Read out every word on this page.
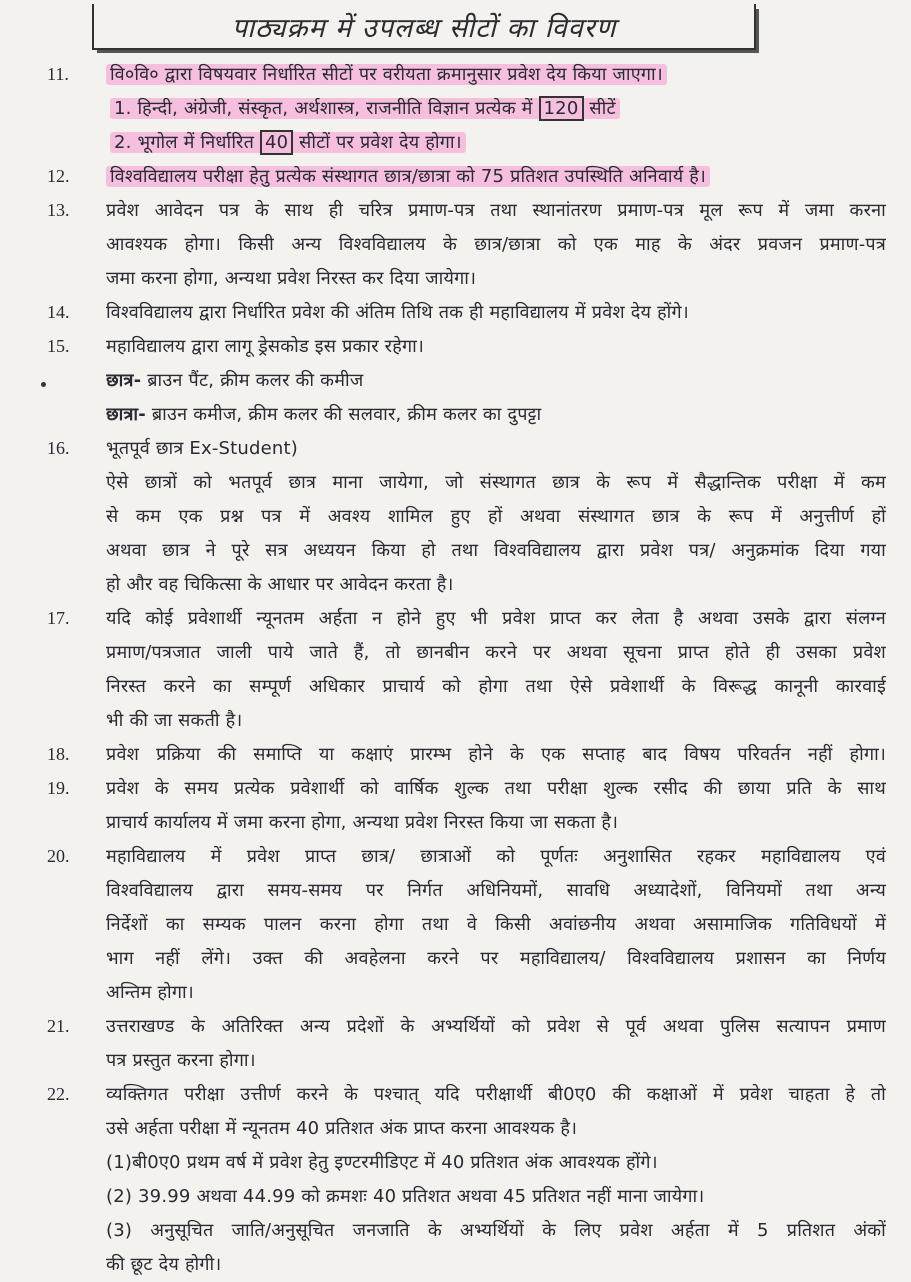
पाठ्यक्रम में उपलब्ध सीटों का विवरण
11. वि०वि० द्वारा विषयवार निर्धारित सीटों पर वरीयता क्रमानुसार प्रवेश देय किया जाएगा।
1. हिन्दी, अंग्रेजी, संस्कृत, अर्थशास्त्र, राजनीति विज्ञान प्रत्येक में 120 सीटें
2. भूगोल में निर्धारित 40 सीटों पर प्रवेश देय होगा।
12. विश्वविद्यालय परीक्षा हेतु प्रत्येक संस्थागत छात्र/छात्रा को 75 प्रतिशत उपस्थिति अनिवार्य है।
13. प्रवेश आवेदन पत्र के साथ ही चरित्र प्रमाण-पत्र तथा स्थानांतरण प्रमाण-पत्र मूल रूप में जमा करना
आवश्यक होगा। किसी अन्य विश्वविद्यालय के छात्र/छात्रा को एक माह के अंदर प्रवजन प्रमाण-पत्र
जमा करना होगा, अन्यथा प्रवेश निरस्त कर दिया जायेगा।
14. विश्वविद्यालय द्वारा निर्धारित प्रवेश की अंतिम तिथि तक ही महाविद्यालय में प्रवेश देय होंगे।
15. महाविद्यालय द्वारा लागू ड्रेसकोड इस प्रकार रहेगा।
छात्र- ब्राउन पैंट, क्रीम कलर की कमीज
छात्रा- ब्राउन कमीज, क्रीम कलर की सलवार, क्रीम कलर का दुपट्टा
16. भूतपूर्व छात्र Ex-Student)
ऐसे छात्रों को भतपूर्व छात्र माना जायेगा, जो संस्थागत छात्र के रूप में सैद्धान्तिक परीक्षा में कम
से कम एक प्रश्न पत्र में अवश्य शामिल हुए हों अथवा संस्थागत छात्र के रूप में अनुत्तीर्ण हों
अथवा छात्र ने पूरे सत्र अध्ययन किया हो तथा विश्वविद्यालय द्वारा प्रवेश पत्र/ अनुक्रमांक दिया गया
हो और वह चिकित्सा के आधार पर आवेदन करता है।
17. यदि कोई प्रवेशार्थी न्यूनतम अर्हता न होने हुए भी प्रवेश प्राप्त कर लेता है अथवा उसके द्वारा संलग्न
प्रमाण/पत्रजात जाली पाये जाते हैं, तो छानबीन करने पर अथवा सूचना प्राप्त होते ही उसका प्रवेश
निरस्त करने का सम्पूर्ण अधिकार प्राचार्य को होगा तथा ऐसे प्रवेशार्थी के विरूद्ध कानूनी कारवाई
भी की जा सकती है।
18. प्रवेश प्रक्रिया की समाप्ति या कक्षाएं प्रारम्भ होने के एक सप्ताह बाद विषय परिवर्तन नहीं होगा।
19. प्रवेश के समय प्रत्येक प्रवेशार्थी को वार्षिक शुल्क तथा परीक्षा शुल्क रसीद की छाया प्रति के साथ
प्राचार्य कार्यालय में जमा करना होगा, अन्यथा प्रवेश निरस्त किया जा सकता है।
20. महाविद्यालय में प्रवेश प्राप्त छात्र/ छात्राओं को पूर्णतः अनुशासित रहकर महाविद्यालय एवं
विश्वविद्यालय द्वारा समय-समय पर निर्गत अधिनियमों, सावधि अध्यादेशों, विनियमों तथा अन्य
निर्देशों का सम्यक पालन करना होगा तथा वे किसी अवांछनीय अथवा असामाजिक गतिविधयों में
भाग नहीं लेंगे। उक्त की अवहेलना करने पर महाविद्यालय/ विश्वविद्यालय प्रशासन का निर्णय
अन्तिम होगा।
21. उत्तराखण्ड के अतिरिक्त अन्य प्रदेशों के अभ्यर्थियों को प्रवेश से पूर्व अथवा पुलिस सत्यापन प्रमाण
पत्र प्रस्तुत करना होगा।
22. व्यक्तिगत परीक्षा उत्तीर्ण करने के पश्चात् यदि परीक्षार्थी बी0ए0 की कक्षाओं में प्रवेश चाहता हे तो
उसे अर्हता परीक्षा में न्यूनतम 40 प्रतिशत अंक प्राप्त करना आवश्यक है।
(1)बी0ए0 प्रथम वर्ष में प्रवेश हेतु इण्टरमीडिएट में 40 प्रतिशत अंक आवश्यक होंगे।
(2) 39.99 अथवा 44.99 को क्रमशः 40 प्रतिशत अथवा 45 प्रतिशत नहीं माना जायेगा।
(3) अनुसूचित जाति/अनुसूचित जनजाति के अभ्यर्थियों के लिए प्रवेश अर्हता में 5 प्रतिशत अंकों
की छूट देय होगी।
